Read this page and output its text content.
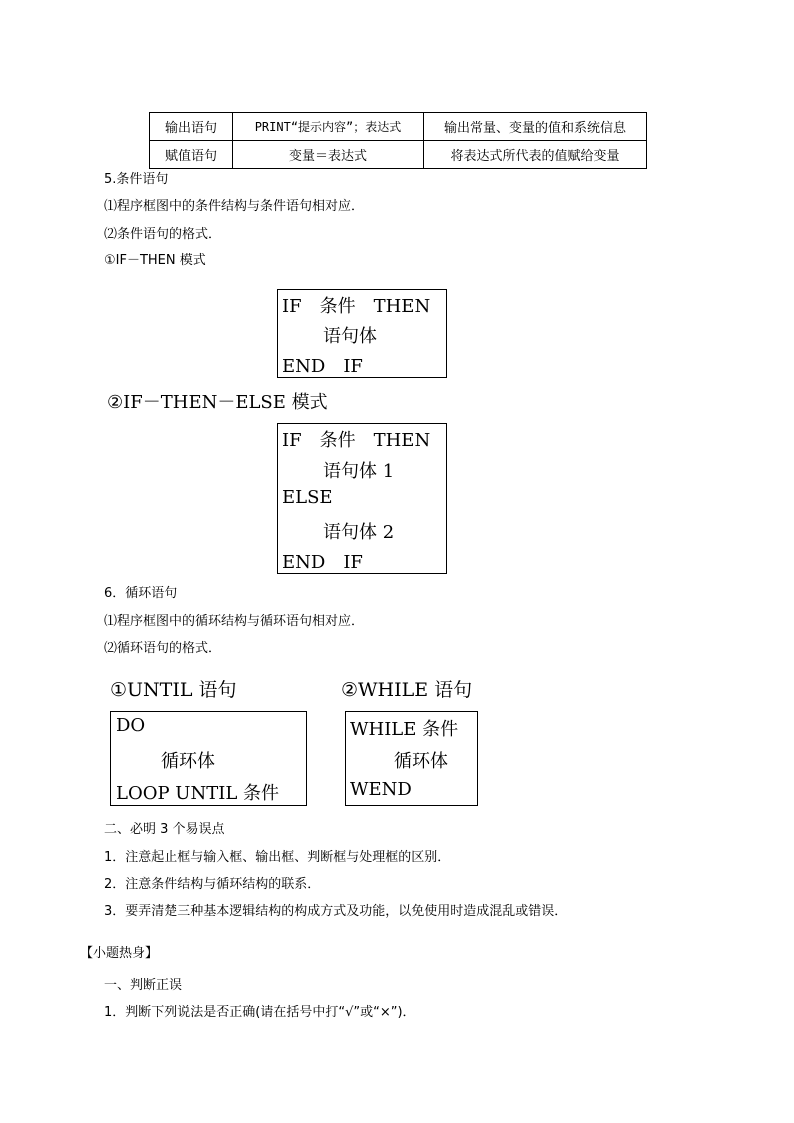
输出语句	PRINT“提示内容”；表达式	输出常量、变量的值和系统信息
赋值语句	变量＝表达式	将表达式所代表的值赋给变量
5.条件语句
⑴程序框图中的条件结构与条件语句相对应．
⑵条件语句的格式．
①IF－THEN 模式
IF　条件　THEN
语句体
END　IF
②IF－THEN－ELSE 模式
IF　条件　THEN
语句体 1
ELSE
语句体 2
END　IF
6．循环语句
⑴程序框图中的循环结构与循环语句相对应．
⑵循环语句的格式．
①UNTIL 语句	②WHILE 语句
DO
循环体
LOOP UNTIL 条件
WHILE 条件
循环体
WEND
二、必明 3 个易误点
1．注意起止框与输入框、输出框、判断框与处理框的区别．
2．注意条件结构与循环结构的联系．
3．要弄清楚三种基本逻辑结构的构成方式及功能，以免使用时造成混乱或错误．
【小题热身】
一、判断正误
1．判断下列说法是否正确(请在括号中打“√”或“×”)．
